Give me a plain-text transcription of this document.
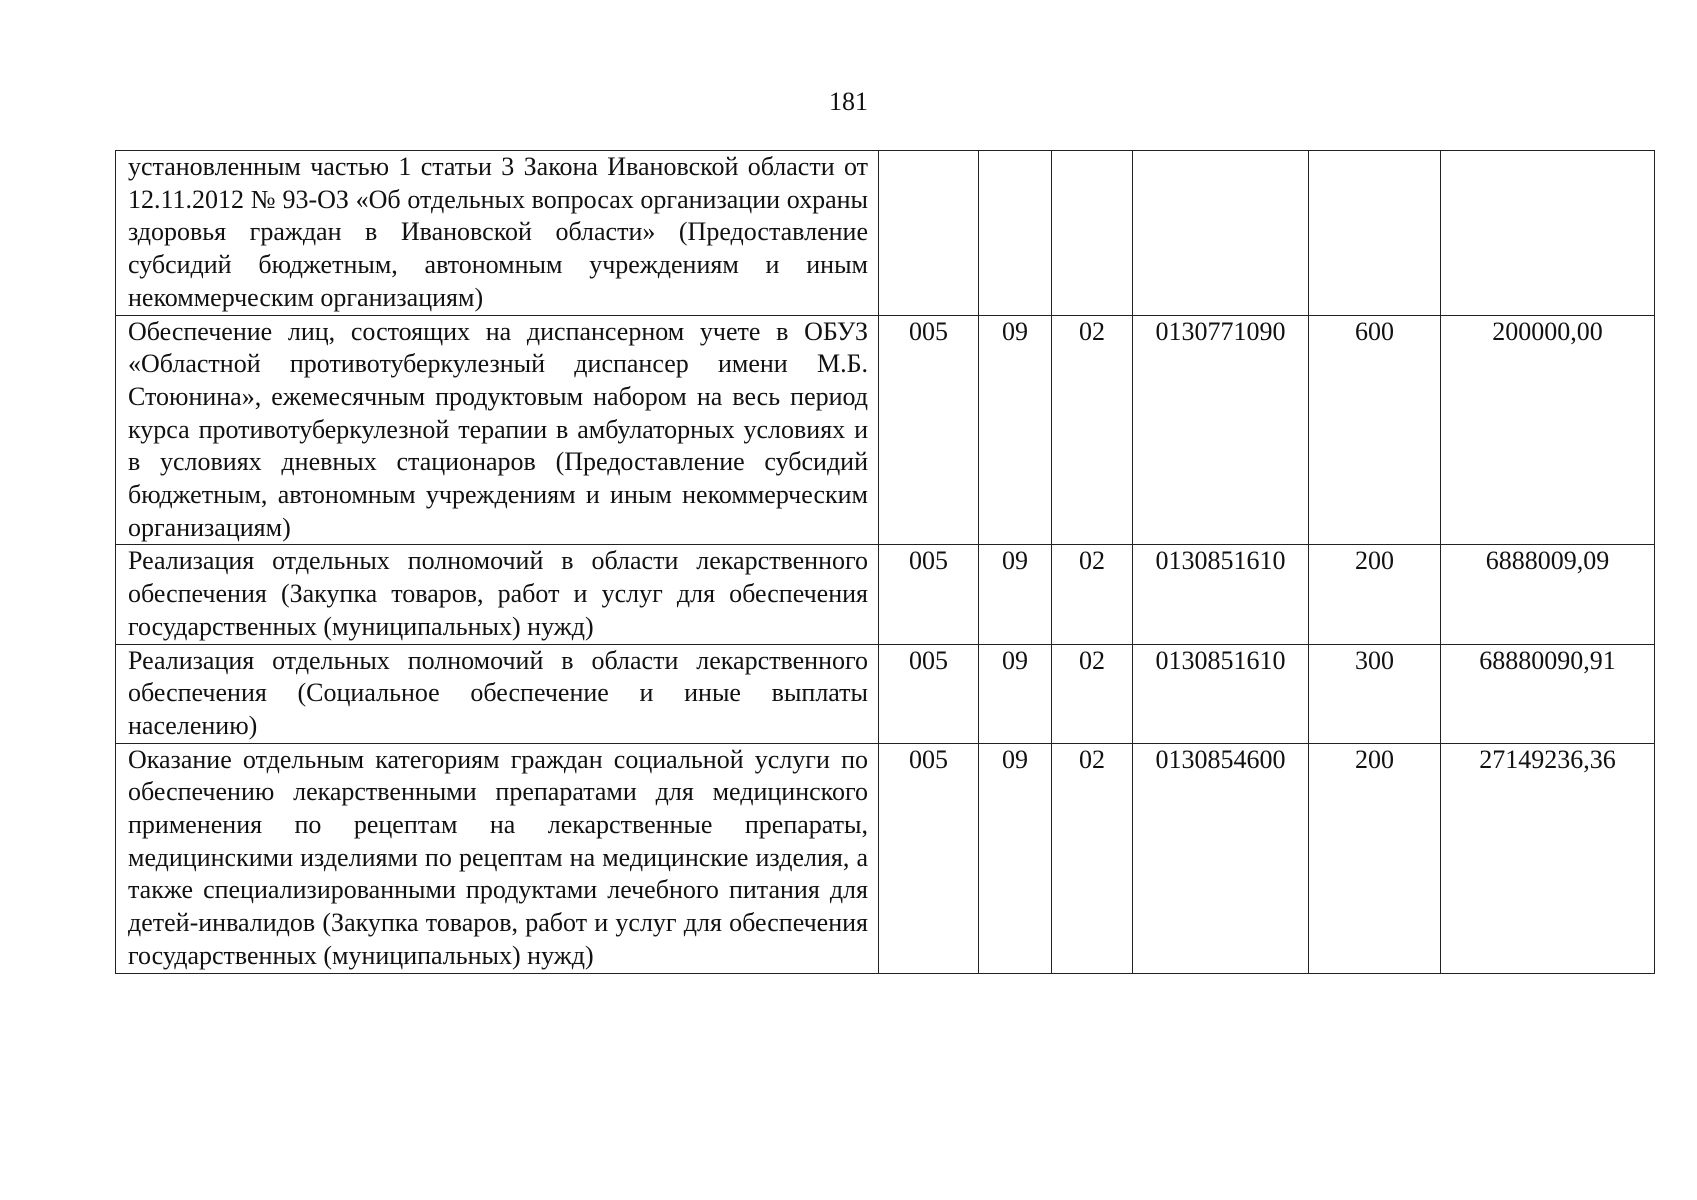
181
установленным частью 1 статьи 3 Закона Ивановской области от 12.11.2012 № 93-ОЗ «Об отдельных вопросах организации охраны здоровья граждан в Ивановской области» (Предоставление субсидий бюджетным, автономным учреждениям и иным некоммерческим организациям)						
Обеспечение лиц, состоящих на диспансерном учете в ОБУЗ «Областной противотуберкулезный диспансер имени М.Б. Стоюнина», ежемесячным продуктовым набором на весь период курса противотуберкулезной терапии в амбулаторных условиях и в условиях дневных стационаров (Предоставление субсидий бюджетным, автономным учреждениям и иным некоммерческим организациям)	005	09	02	0130771090	600	200000,00
Реализация отдельных полномочий в области лекарственного обеспечения (Закупка товаров, работ и услуг для обеспечения государственных (муниципальных) нужд)	005	09	02	0130851610	200	6888009,09
Реализация отдельных полномочий в области лекарственного обеспечения (Социальное обеспечение и иные выплаты населению)	005	09	02	0130851610	300	68880090,91
Оказание отдельным категориям граждан социальной услуги по обеспечению лекарственными препаратами для медицинского применения по рецептам на лекарственные препараты, медицинскими изделиями по рецептам на медицинские изделия, а также специализированными продуктами лечебного питания для детей-инвалидов (Закупка товаров, работ и услуг для обеспечения государственных (муниципальных) нужд)	005	09	02	0130854600	200	27149236,36
